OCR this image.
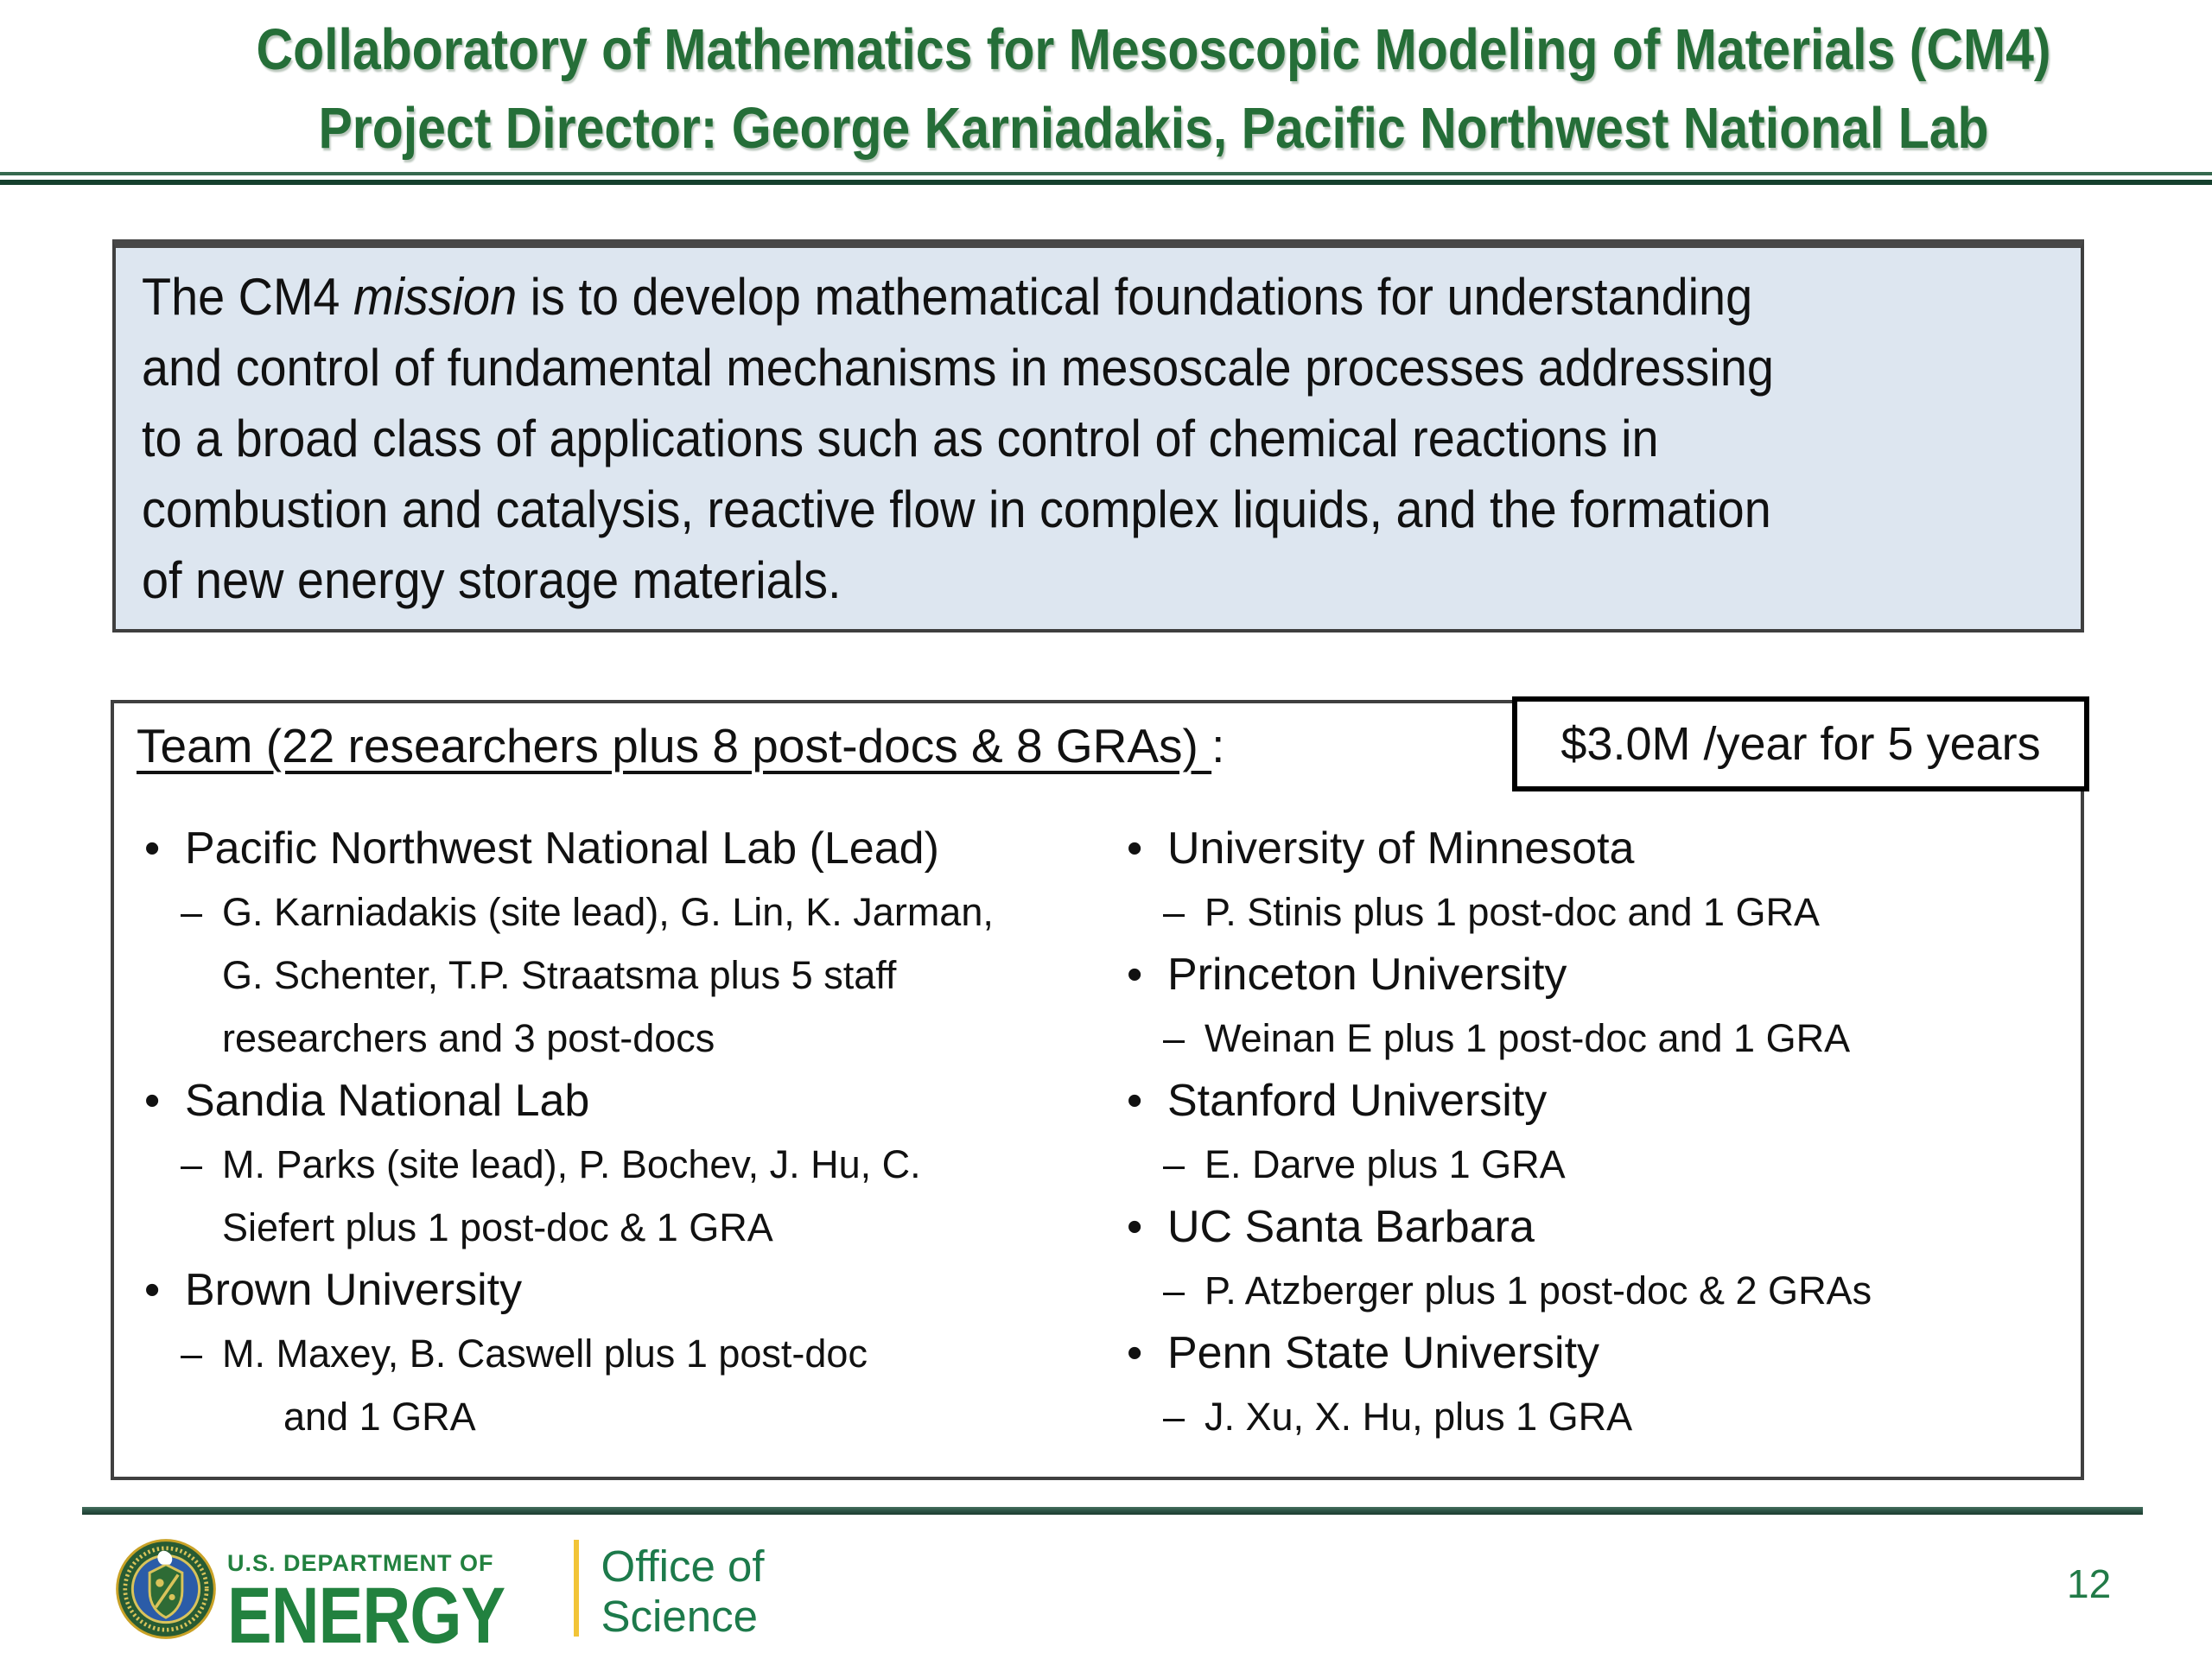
Collaboratory of Mathematics for Mesoscopic Modeling of Materials (CM4)
Project Director: George Karniadakis, Pacific Northwest National Lab
The CM4 mission is to develop mathematical foundations for understanding
and control of fundamental mechanisms in mesoscale processes addressing
to a broad class of applications such as control of chemical reactions in
combustion and catalysis, reactive flow in complex liquids, and the formation
of new energy storage materials.
Team (22 researchers plus 8 post-docs & 8 GRAs) :	$3.0M /year for 5 years
• Pacific Northwest National Lab (Lead)
– G. Karniadakis (site lead), G. Lin, K. Jarman,
G. Schenter, T.P. Straatsma plus 5 staff
researchers and 3 post-docs
• Sandia National Lab
– M. Parks (site lead), P. Bochev, J. Hu, C.
Siefert plus 1 post-doc & 1 GRA
• Brown University
– M. Maxey, B. Caswell plus 1 post-doc
and 1 GRA
• University of Minnesota
– P. Stinis plus 1 post-doc and 1 GRA
• Princeton University
– Weinan E plus 1 post-doc and 1 GRA
• Stanford University
– E. Darve plus 1 GRA
• UC Santa Barbara
– P. Atzberger plus 1 post-doc & 2 GRAs
• Penn State University
– J. Xu, X. Hu, plus 1 GRA
U.S. DEPARTMENT OF
ENERGY
Office of
Science
12
